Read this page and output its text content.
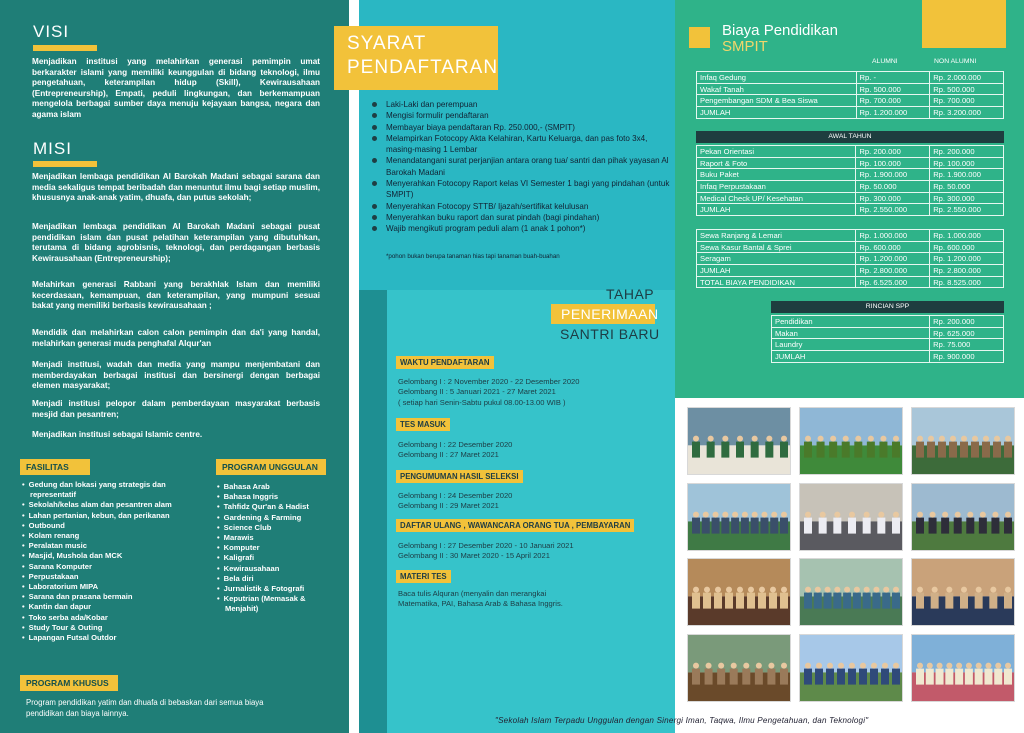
VISI

Menjadikan institusi yang melahirkan generasi pemimpin umat berkarakter islami yang memiliki keunggulan di bidang teknologi, ilmu pengetahuan, keterampilan hidup (Skill), Kewirausahaan (Entrepreneurship), Empati, peduli lingkungan, dan berkemampuan mengelola berbagai sumber daya menuju kejayaan bangsa, negara dan agama islam

MISI

Menjadikan lembaga pendidikan Al Barokah Madani sebagai sarana dan media sekaligus tempat beribadah dan menuntut ilmu bagi setiap muslim, khususnya anak-anak yatim, dhuafa, dan putus sekolah;

Menjadikan lembaga pendidikan Al Barokah Madani sebagai pusat pendidikan islam dan pusat pelatihan keterampilan yang dibutuhkan, terutama di bidang agrobisnis, teknologi, dan perdagangan berbasis Kewirausahaan (Entrepreneurship);

Melahirkan generasi Rabbani yang berakhlak Islam dan memiliki kecerdasaan, kemampuan, dan keterampilan, yang mumpuni sesuai bakat yang memiliki berbasis kewirausahaan ;

Mendidik dan melahirkan calon calon pemimpin dan da'i yang handal, melahirkan generasi muda penghafal Alqur'an

Menjadi institusi, wadah dan media yang mampu menjembatani dan memberdayakan berbagai institusi dan bersinergi dengan berbagai elemen masyarakat;

Menjadi institusi pelopor dalam pemberdayaan masyarakat berbasis mesjid dan pesantren;

Menjadikan institusi sebagai Islamic centre.

FASILITAS
• Gedung dan lokasi yang strategis dan representatif
• Sekolah/kelas alam dan pesantren alam
• Lahan pertanian, kebun, dan perikanan
• Outbound
• Kolam renang
• Peralatan music
• Masjid, Mushola dan MCK
• Sarana Komputer
• Perpustakaan
• Laboratorium MIPA
• Sarana dan prasana bermain
• Kantin dan dapur
• Toko serba ada/Kobar
• Study Tour & Outing
• Lapangan Futsal Outdor
PROGRAM UNGGULAN
• Bahasa Arab
• Bahasa Inggris
• Tahfidz Qur'an & Hadist
• Gardening & Farming
• Science Club
• Marawis
• Komputer
• Kaligrafi
• Kewirausahaan
• Bela diri
• Jurnalistik & Fotografi
• Keputrian (Memasak & Menjahit)
PROGRAM KHUSUS

Program pendidikan yatim dan dhuafa di bebaskan dari semua biaya pendidikan dan biaya lainnya.

SYARAT
PENDAFTARAN
Laki-Laki dan perempuan
Mengisi formulir pendaftaran
Membayar biaya pendaftaran Rp. 250.000,- (SMPIT)
Melampirkan Fotocopy Akta Kelahiran, Kartu Keluarga, dan pas foto 3x4, masing-masing 1 Lembar
Menandatangani surat perjanjian antara orang tua/ santri dan pihak yayasan Al Barokah Madani
Menyerahkan Fotocopy Raport kelas VI Semester 1 bagi yang pindahan (untuk SMPIT)
Menyerahkan Fotocopy STTB/ Ijazah/sertifikat kelulusan
Menyerahkan buku raport dan surat pindah (bagi pindahan)
Wajib mengikuti program peduli alam (1 anak 1 pohon*)
*pohon bukan berupa tanaman hias tapi tanaman buah-buahan
TAHAP
PENERIMAAN
SANTRI BARU
WAKTU PENDAFTARAN
Gelombang I : 2 November 2020 - 22 Desember 2020
Gelombang II : 5 Januari 2021 - 27 Maret 2021
( setiap hari Senin-Sabtu pukul 08.00-13.00 WIB )
TES MASUK
Gelombang I : 22 Desember 2020
Gelombang II : 27 Maret 2021
PENGUMUMAN HASIL SELEKSI
Gelombang I : 24 Desember 2020
Gelombang II : 29 Maret 2021
DAFTAR ULANG , WAWANCARA ORANG TUA , PEMBAYARAN
Gelombang I : 27 Desember 2020 - 10 Januari 2021
Gelombang II : 30 Maret 2020 - 15 April 2021
MATERI TES
Baca tulis Alquran (menyalin dan merangkai
Matematika, PAI, Bahasa Arab & Bahasa Inggris.
Biaya Pendidikan
SMPIT
ALUMNI	NON ALUMNI
Infaq Gedung	Rp. -	Rp. 2.000.000
Wakaf Tanah	Rp. 500.000	Rp. 500.000
Pengembangan SDM & Bea Siswa	Rp. 700.000	Rp. 700.000
JUMLAH	Rp. 1.200.000	Rp. 3.200.000
AWAL TAHUN
Pekan Orientasi	Rp. 200.000	Rp. 200.000
Raport & Foto	Rp. 100.000	Rp. 100.000
Buku Paket	Rp. 1.900.000	Rp. 1.900.000
Infaq Perpustakaan	Rp. 50.000	Rp. 50.000
Medical Check UP/ Kesehatan	Rp. 300.000	Rp. 300.000
JUMLAH	Rp. 2.550.000	Rp. 2.550.000
Sewa Ranjang & Lemari	Rp. 1.000.000	Rp. 1.000.000
Sewa Kasur Bantal & Sprei	Rp. 600.000	Rp. 600.000
Seragam	Rp. 1.200.000	Rp. 1.200.000
JUMLAH	Rp. 2.800.000	Rp. 2.800.000
TOTAL BIAYA PENDIDIKAN	Rp. 6.525.000	Rp. 8.525.000
RINCIAN SPP
Pendidikan	Rp. 200.000
Makan	Rp. 625.000
Laundry	Rp. 75.000
JUMLAH	Rp. 900.000
"Sekolah Islam Terpadu Unggulan dengan Sinergi Iman, Taqwa, Ilmu Pengetahuan, dan Teknologi"
